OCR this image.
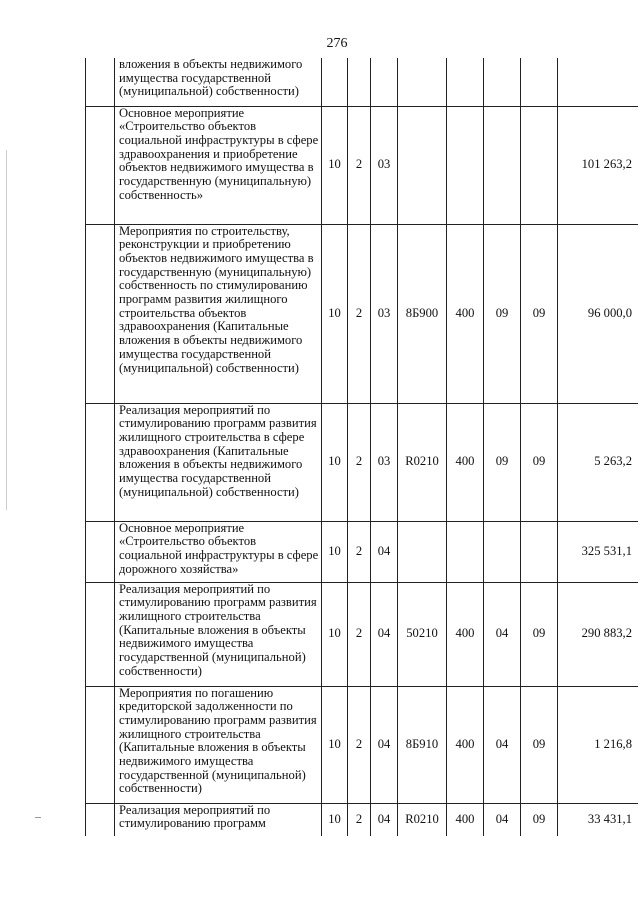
276
	вложения в объекты недвижимого имущества государственной (муниципальной) собственности)								
	Основное мероприятие «Строительство объектов социальной инфраструктуры в сфере здравоохранения и приобретение объектов недвижимого имущества в государственную (муниципальную) собственность»	10	2	03					101 263,2
	Мероприятия по строительству, реконструкции и приобретению объектов недвижимого имущества в государственную (муниципальную) собственность по стимулированию программ развития жилищного строительства объектов здравоохранения (Капитальные вложения в объекты недвижимого имущества государственной (муниципальной) собственности)	10	2	03	8Б900	400	09	09	96 000,0
	Реализация мероприятий по стимулированию программ развития жилищного строительства в сфере здравоохранения (Капитальные вложения в объекты недвижимого имущества государственной (муниципальной) собственности)	10	2	03	R0210	400	09	09	5 263,2
	Основное мероприятие «Строительство объектов социальной инфраструктуры в сфере дорожного хозяйства»	10	2	04					325 531,1
	Реализация мероприятий по стимулированию программ развития жилищного строительства (Капитальные вложения в объекты недвижимого имущества государственной (муниципальной) собственности)	10	2	04	50210	400	04	09	290 883,2
	Мероприятия по погашению кредиторской задолженности по стимулированию программ развития жилищного строительства (Капитальные вложения в объекты недвижимого имущества государственной (муниципальной) собственности)	10	2	04	8Б910	400	04	09	1 216,8
	Реализация мероприятий по стимулированию программ	10	2	04	R0210	400	04	09	33 431,1
